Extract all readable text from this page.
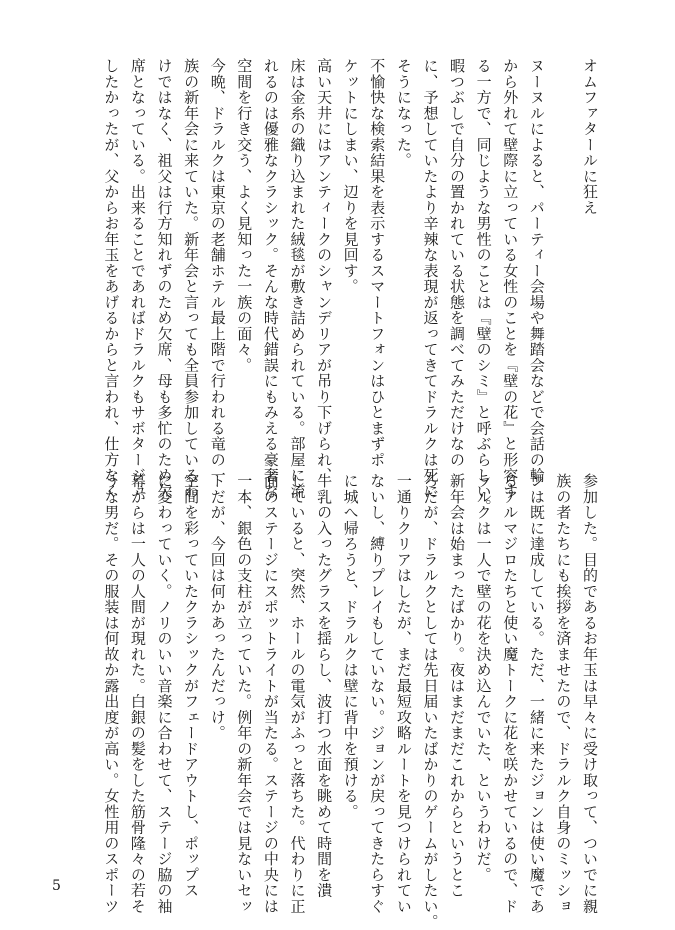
オムファタールに狂え
ヌーヌルによると、パーティー会場や舞踏会などで会話の輪
から外れて壁際に立っている女性のことを『壁の花』と形容す
る一方で、同じような男性のことは『壁のシミ』と呼ぶらしい。
暇つぶしで自分の置かれている状態を調べてみただけなの
に、予想していたより辛辣な表現が返ってきてドラルクは死に
そうになった。
不愉快な検索結果を表示するスマートフォンはひとまずポ
ケットにしまい、辺りを見回す。
高い天井にはアンティークのシャンデリアが吊り下げられ、
床は金糸の織り込まれた絨毯が敷き詰められている。部屋に流
れるのは優雅なクラシック。そんな時代錯誤にもみえる豪奢な
空間を行き交う、よく見知った一族の面々。
今晩、ドラルクは東京の老舗ホテル最上階で行われる竜の一
族の新年会に来ていた。新年会と言っても全員参加しているわ
けではなく、祖父は行方知れずのため欠席、母も多忙のため欠
席となっている。出来ることであればドラルクもサボタージュ
したかったが、父からお年玉をあげるからと言われ、仕方なく
参加した。目的であるお年玉は早々に受け取って、ついでに親
族の者たちにも挨拶を済ませたので、ドラルク自身のミッショ
ンは既に達成している。ただ、一緒に来たジョンは使い魔であ
るアルマジロたちと使い魔トークに花を咲かせているので、ド
ラルクは一人で壁の花を決め込んでいた、というわけだ。
新年会は始まったばかり。夜はまだまだこれからというとこ
ろだが、ドラルクとしては先日届いたばかりのゲームがしたい。
一通りクリアはしたが、まだ最短攻略ルートを見つけられてい
ないし、縛りプレイもしていない。ジョンが戻ってきたらすぐ
に城へ帰ろうと、ドラルクは壁に背中を預ける。
牛乳の入ったグラスを揺らし、波打つ水面を眺めて時間を潰
していると、突然、ホールの電気がふっと落ちた。代わりに正
面のステージにスポットライトが当たる。ステージの中央には
一本、銀色の支柱が立っていた。例年の新年会では見ないセッ
トだが、今回は何かあったんだっけ。
空間を彩っていたクラシックがフェードアウトし、ポップス
に変わっていく。ノリのいい音楽に合わせて、ステージ脇の袖
幕からは一人の人間が現れた。白銀の髪をした筋骨隆々の若そ
うな男だ。その服装は何故か露出度が高い。女性用のスポーツ
5
